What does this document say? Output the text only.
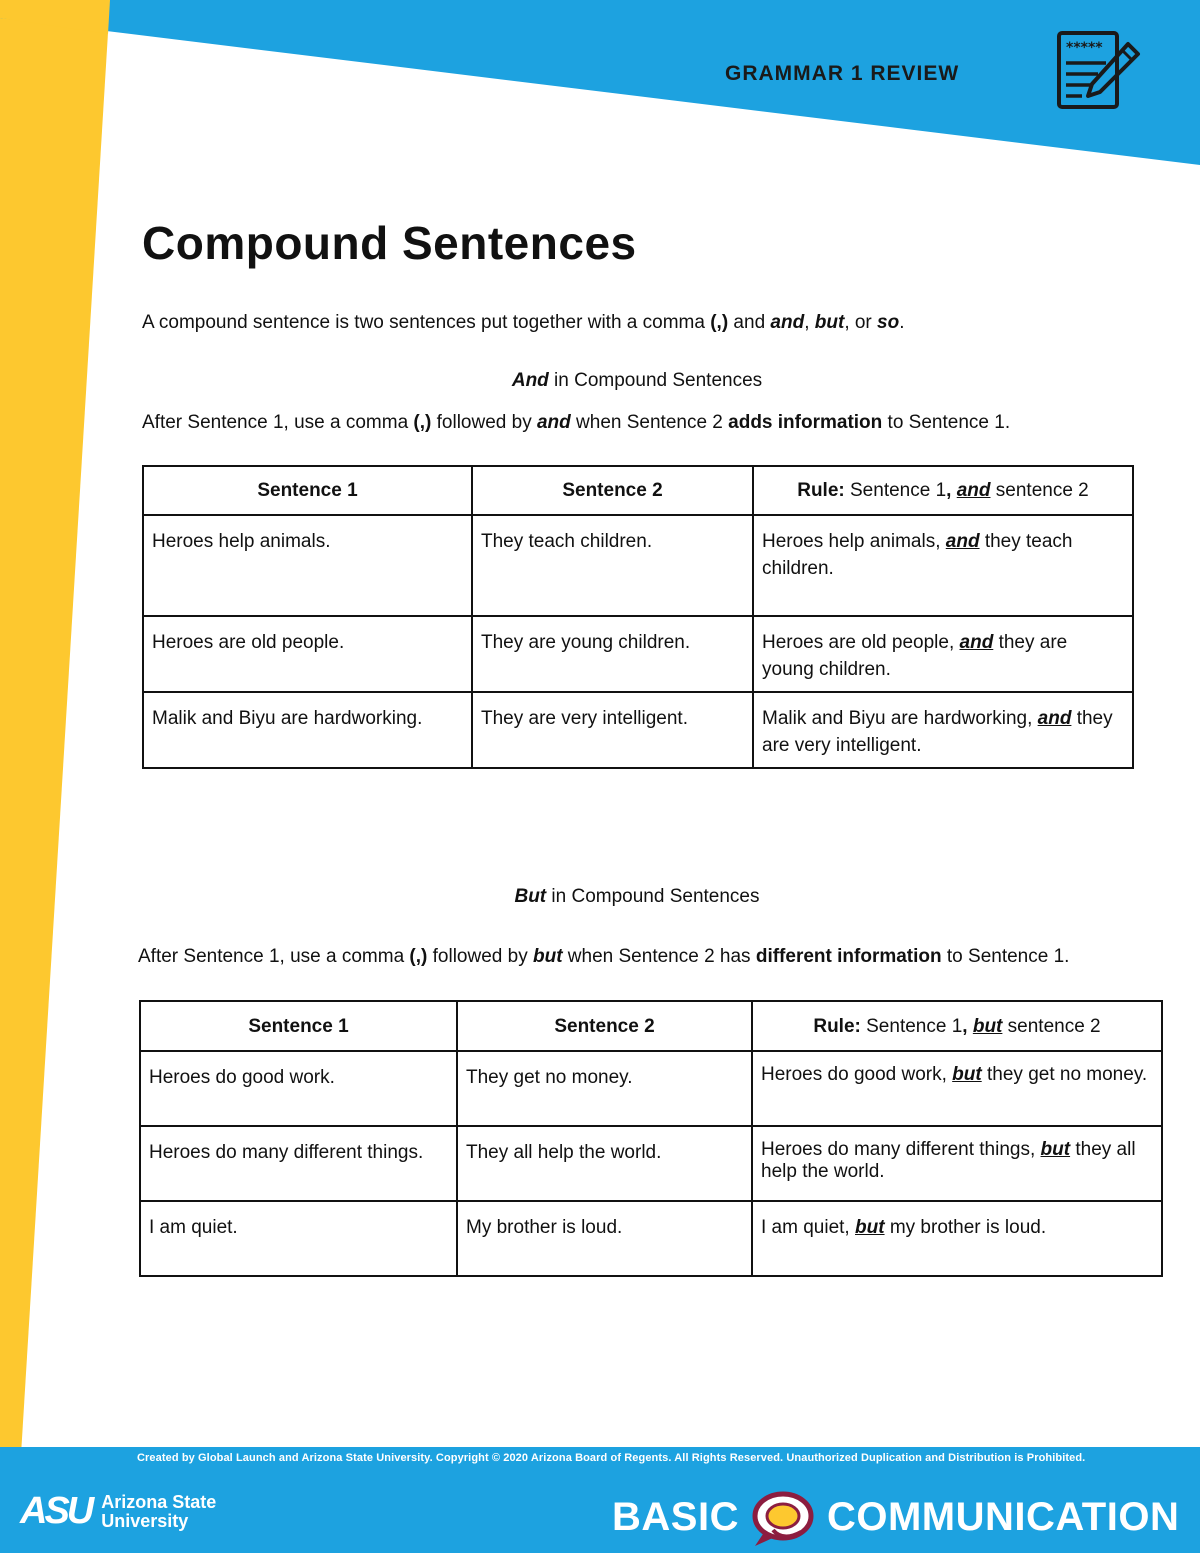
GRAMMAR 1 REVIEW
*****
Compound Sentences
A compound sentence is two sentences put together with a comma (,) and and, but, or so.
And in Compound Sentences
After Sentence 1, use a comma (,) followed by and when Sentence 2 adds information to Sentence 1.
Sentence 1	Sentence 2	Rule: Sentence 1, and sentence 2
Heroes help animals.	They teach children.	Heroes help animals, and they teach children.
Heroes are old people.	They are young children.	Heroes are old people, and they are young children.
Malik and Biyu are hardworking.	They are very intelligent.	Malik and Biyu are hardworking, and they are very intelligent.
But in Compound Sentences
After Sentence 1, use a comma (,) followed by but when Sentence 2 has different information to Sentence 1.
Sentence 1	Sentence 2	Rule: Sentence 1, but sentence 2
Heroes do good work.	They get no money.	Heroes do good work, but they get no money.
Heroes do many different things.	They all help the world.	Heroes do many different things, but they all help the world.
I am quiet.	My brother is loud.	I am quiet, but my brother is loud.
Created by Global Launch and Arizona State University. Copyright © 2020 Arizona Board of Regents. All Rights Reserved. Unauthorized Duplication and Distribution is Prohibited.
ASU Arizona State
University	BASIC COMMUNICATION
